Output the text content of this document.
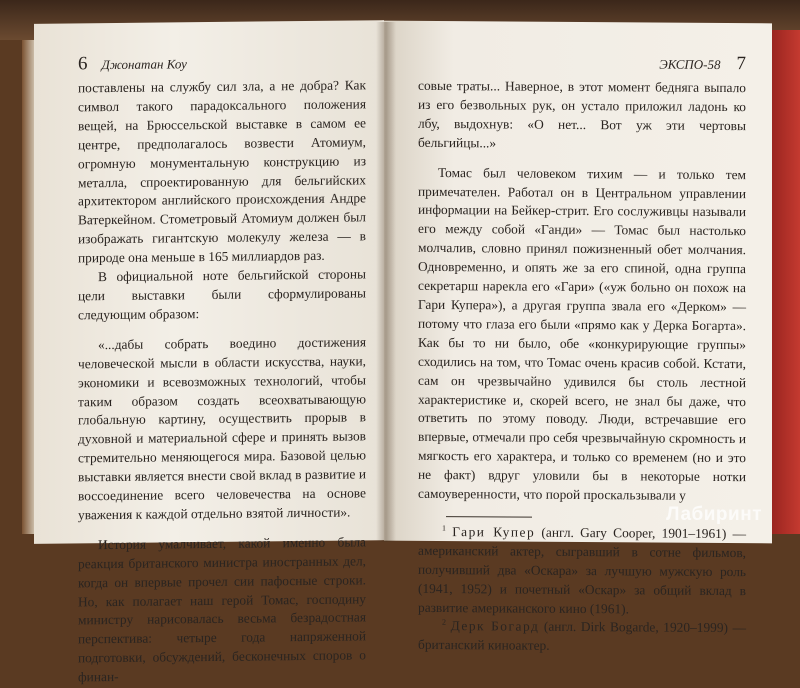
6 Джонатан Коу

поставлены на службу сил зла, а не добра? Как символ такого парадоксального положения вещей, на Брюссельской выставке в самом ее центре, предполагалось возвести Атомиум, огромную монументальную конструкцию из металла, спроектированную для бельгийских архитектором английского происхождения Андре Ватеркейном. Стометровый Атомиум должен был изображать гигантскую молекулу железа — в природе она меньше в 165 миллиардов раз.

В официальной ноте бельгийской стороны цели выставки были сформулированы следующим образом:

«...дабы собрать воедино достижения человеческой мысли в области искусства, науки, экономики и всевозможных технологий, чтобы таким образом создать всеохватывающую глобальную картину, осуществить прорыв в духовной и материальной сфере и принять вызов стремительно меняющегося мира. Базовой целью выставки является внести свой вклад в развитие и воссоединение всего человечества на основе уважения к каждой отдельно взятой личности».

История умалчивает, какой именно была реакция британского министра иностранных дел, когда он впервые прочел сии пафосные строки. Но, как полагает наш герой Томас, господину министру нарисовалась весьма безрадостная перспектива: четыре года напряженной подготовки, обсуждений, бесконечных споров о финан-

ЭКСПО-58 7

совые траты... Наверное, в этот момент бедняга выпало из его безвольных рук, он устало приложил ладонь ко лбу, выдохнув: «О нет... Вот уж эти чертовы бельгийцы...»

Томас был человеком тихим — и только тем примечателен. Работал он в Центральном управлении информации на Бейкер-стрит. Его сослуживцы называли его между собой «Ганди» — Томас был настолько молчалив, словно принял пожизненный обет молчания. Одновременно, и опять же за его спиной, одна группа секретарш нарекла его «Гари» («уж больно он похож на Гари Купера»), а другая группа звала его «Дерком» — потому что глаза его были «прямо как у Дерка Богарта». Как бы то ни было, обе «конкурирующие группы» сходились на том, что Томас очень красив собой. Кстати, сам он чрезвычайно удивился бы столь лестной характеристике и, скорей всего, не знал бы даже, что ответить по этому поводу. Люди, встречавшие его впервые, отмечали про себя чрезвычайную скромность и мягкость его характера, и только со временем (но и это не факт) вдруг уловили бы в некоторые нотки самоуверенности, что порой проскальзывали у

$^1$ Гари Купер (англ. Gary Cooper, 1901–1961) — американский актер, сыгравший в сотне фильмов, получивший два «Оскара» за лучшую мужскую роль (1941, 1952) и почетный «Оскар» за общий вклад в развитие американского кино (1961).

$^2$ Дерк Богард (англ. Dirk Bogarde, 1920–1999) — британский киноактер.

Лабиринт
